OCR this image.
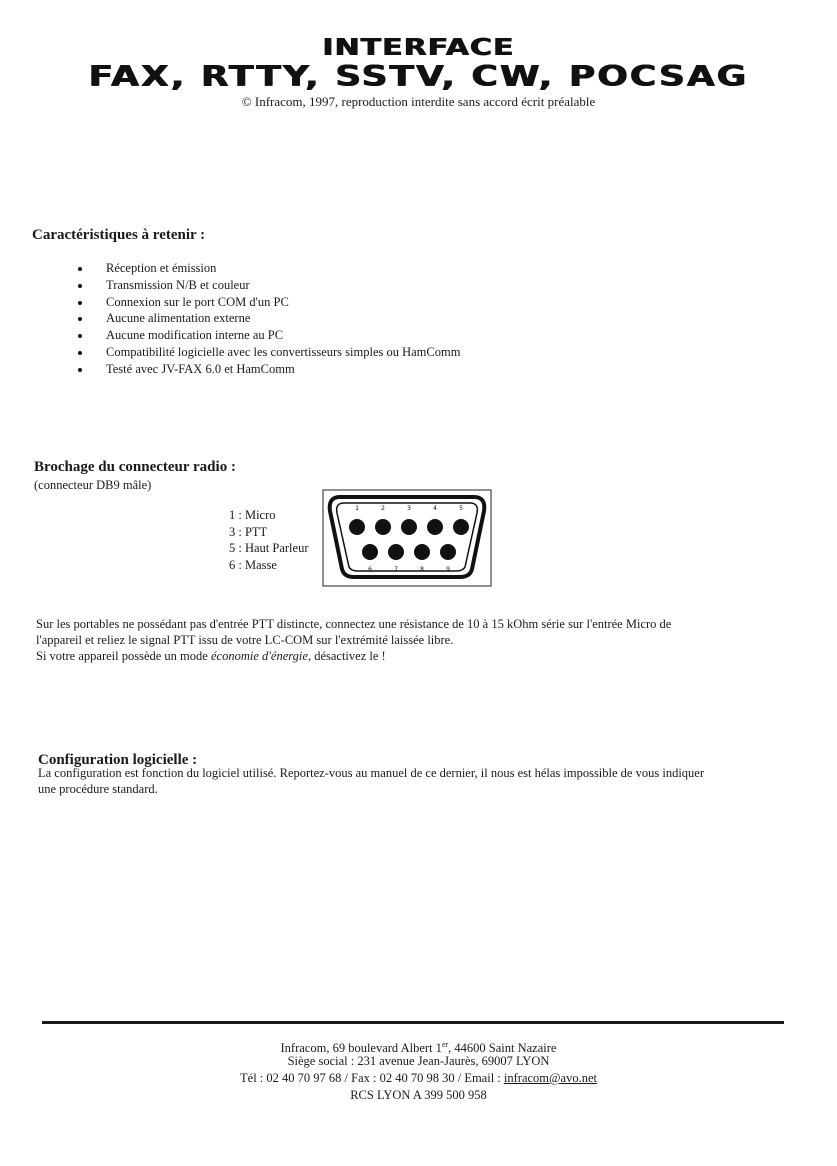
INTERFACE
FAX, RTTY, SSTV, CW, POCSAG
© Infracom, 1997, reproduction interdite sans accord écrit préalable
Caractéristiques à retenir :
Réception et émission
Transmission N/B et couleur
Connexion sur le port COM d'un PC
Aucune alimentation externe
Aucune modification interne au PC
Compatibilité logicielle avec les convertisseurs simples ou HamComm
Testé avec JV-FAX 6.0 et HamComm
Brochage du connecteur radio :
(connecteur DB9 mâle)
1 : Micro
3 : PTT
5 : Haut Parleur
6 : Masse
1	2	3	4	5
6	7	8	9
Sur les portables ne possédant pas d'entrée PTT distincte, connectez une résistance de 10 à 15 kOhm série sur l'entrée Micro de
l'appareil et reliez le signal PTT issu de votre LC-COM sur l'extrémité laissée libre.
Si votre appareil possède un mode économie d'énergie, désactivez le !
Configuration logicielle :
La configuration est fonction du logiciel utilisé. Reportez-vous au manuel de ce dernier, il nous est hélas impossible de vous indiquer
une procédure standard.
Infracom, 69 boulevard Albert 1er, 44600 Saint Nazaire
Siège social : 231 avenue Jean-Jaurès, 69007 LYON
Tél : 02 40 70 97 68 / Fax : 02 40 70 98 30 / Email : infracom@avo.net
RCS LYON A 399 500 958
